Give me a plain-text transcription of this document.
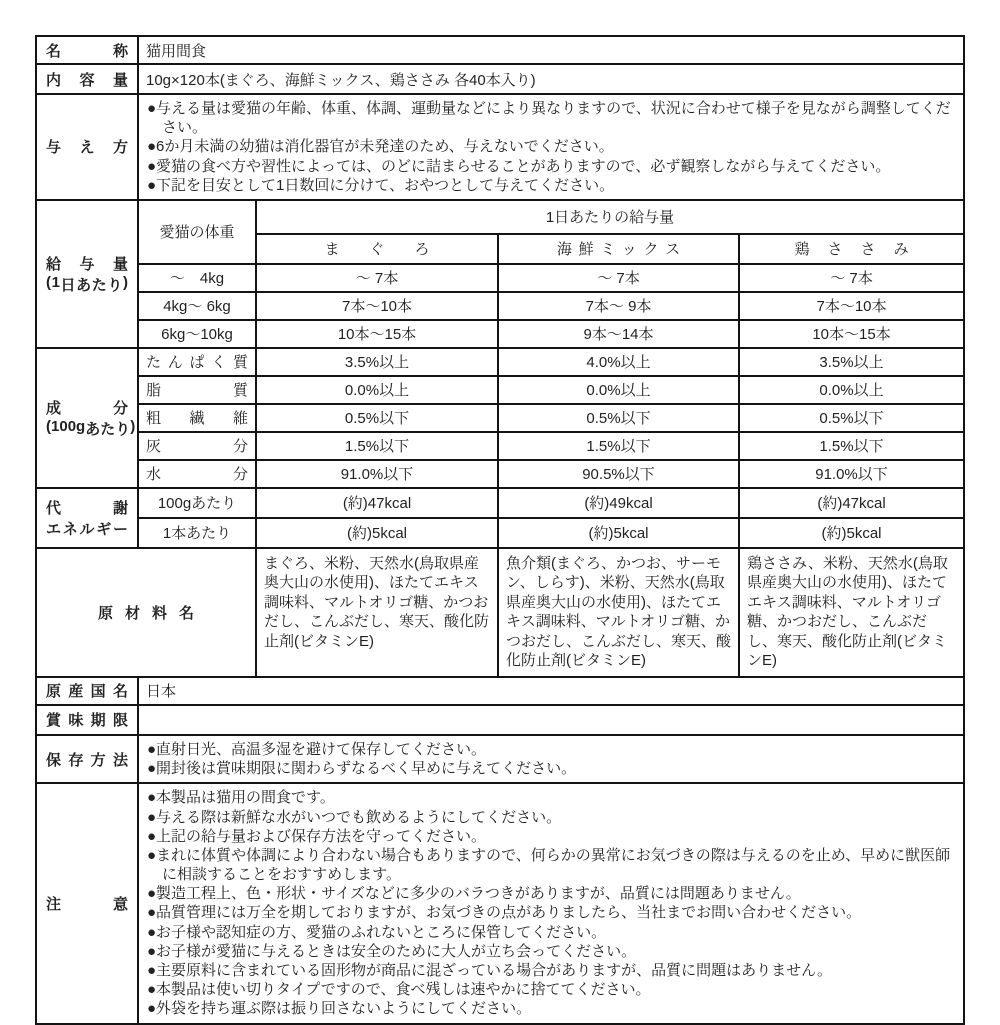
名 称	猫用間食			

内 容 量	10g×120本(まぐろ、海鮮ミックス、鶏ささみ 各40本入り)			

与 え 方

●与える量は愛猫の年齢、体重、体調、運動量などにより異なりますので、状況に合わせて様子を見ながら調整してください。

●6か月未満の幼猫は消化器官が未発達のため、与えないでください。

●愛猫の食べ方や習性によっては、のどに詰まらせることがありますので、必ず観察しながら与えてください。

●下記を目安として1日数回に分けて、おやつとして与えてください。

給 与 量
( 1 日 あ た り )
	愛猫の体重	1日あたりの給与量
		まぐろ	海鮮ミックス	鶏ささみ
	～　4kg	～ 7本	～ 7本	～ 7本
	4kg～ 6kg	7本～10本	7本～ 9本	7本～10本
	6kg～10kg	10本～15本	9本～14本	10本～15本

成	分
( 1 0 0 g あ た り )

た ん ぱ く 質	3.5%以上	4.0%以上	3.5%以上

	脂 質	0.0%以上	0.0%以上	0.0%以上

	粗 繊 維	0.5%以下	0.5%以下	0.5%以下

	灰 分	1.5%以下	1.5%以下	1.5%以下

	水 分	91.0%以下	90.5%以下	91.0%以下

代	謝
エ ネ ル ギ ー
	100gあたり	(約)47kcal	(約)49kcal	(約)47kcal
	1本あたり	(約)5kcal	(約)5kcal	(約)5kcal
原材料名		まぐろ、米粉、天然水(鳥取県産奥大山の水使用)、ほたてエキス調味料、マルトオリゴ糖、かつおだし、こんぶだし、寒天、酸化防止剤(ビタミンE)	魚介類(まぐろ、かつお、サーモン、しらす)、米粉、天然水(鳥取県産奥大山の水使用)、ほたてエキス調味料、マルトオリゴ糖、かつおだし、こんぶだし、寒天、酸化防止剤(ビタミンE)	鶏ささみ、米粉、天然水(鳥取県産奥大山の水使用)、ほたてエキス調味料、マルトオリゴ糖、かつおだし、こんぶだし、寒天、酸化防止剤(ビタミンE)

原 産 国 名	日本			

賞 味 期 限				

保 存 方 法

●直射日光、高温多湿を避けて保存してください。

●開封後は賞味期限に関わらずなるべく早めに与えてください。

注	意

●本製品は猫用の間食です。

●与える際は新鮮な水がいつでも飲めるようにしてください。

●上記の給与量および保存方法を守ってください。

●まれに体質や体調により合わない場合もありますので、何らかの異常にお気づきの際は与えるのを止め、早めに獣医師に相談することをおすすめします。

●製造工程上、色・形状・サイズなどに多少のバラつきがありますが、品質には問題ありません。

●品質管理には万全を期しておりますが、お気づきの点がありましたら、当社までお問い合わせください。

●お子様や認知症の方、愛猫のふれないところに保管してください。

●お子様が愛猫に与えるときは安全のために大人が立ち会ってください。

●主要原料に含まれている固形物が商品に混ざっている場合がありますが、品質に問題はありません。

●本製品は使い切りタイプですので、食べ残しは速やかに捨ててください。

●外袋を持ち運ぶ際は振り回さないようにしてください。
